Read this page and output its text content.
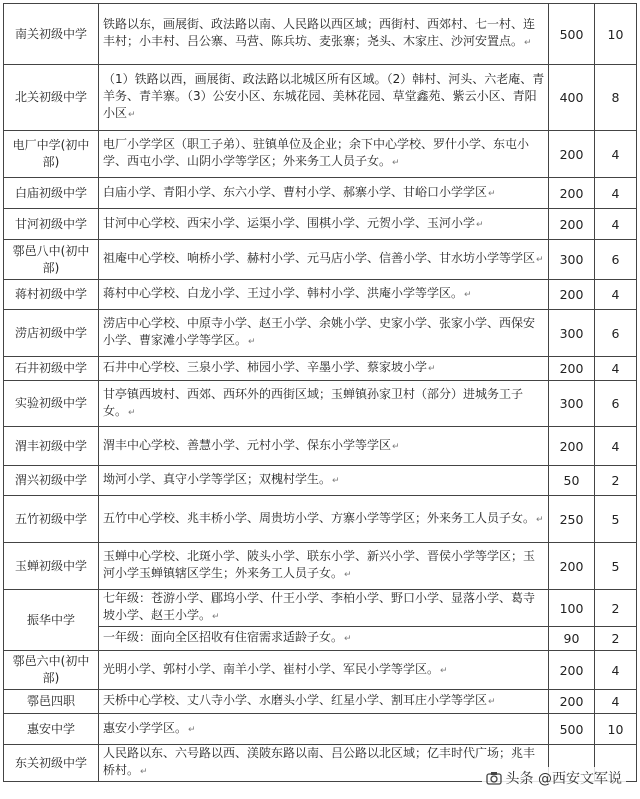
南关初级中学	铁路以东，画展街、政法路以南、人民路以西区域；西街村、西郊村、七一村、连丰村；小丰村、吕公寨、马营、陈兵坊、麦张寨；尧头、木家庄、沙河安置点。↵	500	10
北关初级中学	（1）铁路以西，画展街、政法路以北城区所有区域。（2）韩村、河头、六老庵、青羊务、青羊寨。（3）公安小区、东城花园、美林花园、草堂鑫苑、紫云小区、青阳小区↵	400	8
电厂中学(初中部)	电厂小学学区（职工子弟）、驻镇单位及企业；余下中心学校、罗什小学、东屯小学、西屯小学、山阴小学等学区；外来务工人员子女。↵	200	4
白庙初级中学	白庙小学、青阳小学、东六小学、曹村小学、郝寨小学、甘峪口小学学区↵	200	4
甘河初级中学	甘河中心学校、西宋小学、运渠小学、围棋小学、元贺小学、玉河小学↵	200	4
鄠邑八中(初中部)	祖庵中心学校、响桥小学、赫村小学、元马店小学、信善小学、甘水坊小学等学区↵	300	6
蒋村初级中学	蒋村中心学校、白龙小学、王过小学、韩村小学、洪庵小学等学区。↵	200	4
涝店初级中学	涝店中心学校、中原寺小学、赵王小学、余姚小学、史家小学、张家小学、西保安小学、曹家滩小学等学区。↵	300	6
石井初级中学	石井中心学校、三泉小学、柿园小学、辛墨小学、蔡家坡小学↵	200	4
实验初级中学	甘亭镇西坡村、西郊、西环外的西街区域；玉蝉镇孙家卫村（部分）进城务工子女。↵	300	6
渭丰初级中学	渭丰中心学校、善慧小学、元村小学、保东小学等学区↵	200	4
渭兴初级中学	坳河小学、真守小学等学区；双槐村学生。↵	50	2
五竹初级中学	五竹中心学校、兆丰桥小学、周贵坊小学、方寨小学等学区；外来务工人员子女。↵	250	5
玉蝉初级中学	玉蝉中心学校、北斑小学、陂头小学、联东小学、新兴小学、晋侯小学等学区；玉河小学玉蝉镇辖区学生；外来务工人员子女。↵	200	5
振华中学	七年级：苍游小学、郿坞小学、什王小学、李柏小学、野口小学、显落小学、葛寺坡小学、赵王小学。↵	100	2
	一年级：面向全区招收有住宿需求适龄子女。↵	90	2
鄠邑六中(初中部)	光明小学、郭村小学、南羊小学、崔村小学、军民小学等学区。↵	200	4
鄠邑四职	天桥中心学校、丈八寺小学、水磨头小学、红星小学、割耳庄小学等学区↵	200	4
惠安中学	惠安小学学区。↵	500	10
东关初级中学	人民路以东、六号路以西、渼陂东路以南、吕公路以北区域；亿丰时代广场；兆丰桥村。↵			头条 @西安文军说
